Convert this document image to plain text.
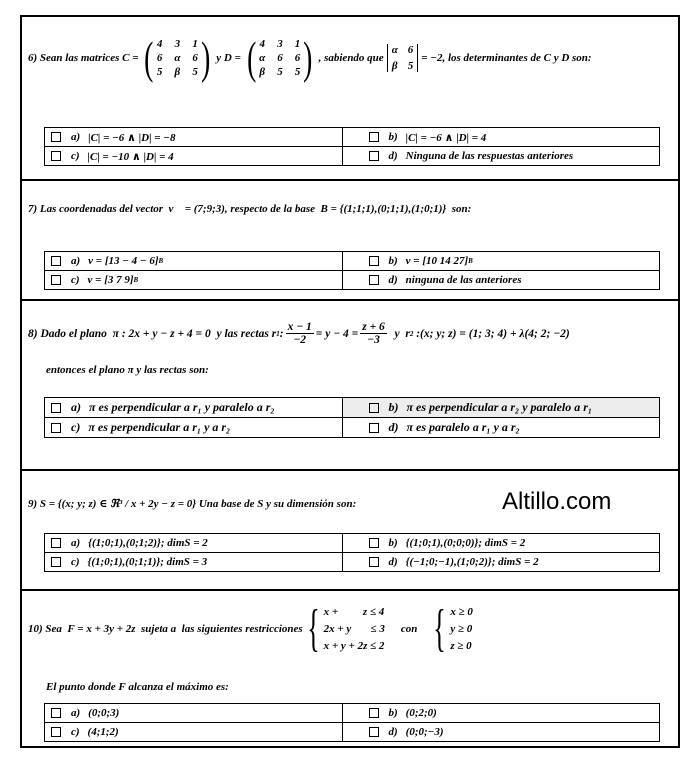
6)
Sean las matrices
C = ( 4 3 1
6 α 6
5 β 5 ) y
D = ( 4 3 1
α 6 6
β 5 5 ) , sabiendo que
α 6
β 5
= −2,
los determinantes de C y D son:
a) |C| = −6 ∧ |D| = −8	b) |C| = −6 ∧ |D| = 4
c) |C| = −10 ∧ |D| = 4	d) Ninguna de las respuestas anteriores
7)
Las coordenadas del vector  v⃗ = (7;9;3), respecto de la base  B = {(1;1;1),(0;1;1),(1;0;1)}  son:
a) v = [13 − 4 − 6] B	b) v = [10 14 27] B
c) v = [3 7 9] B	d) ninguna de las anteriores
8)
Dado el plano  π : 2x + y − z + 4 = 0  y las rectas r 1 : $\frac{x - 1}{-2} = y - 4 = \frac{z + 6}{-3}$ y  r 2 :(x; y; z) = (1; 3; 4) + λ(4; 2; −2)
entonces el plano π y las rectas son:
a) π es perpendicular a r₁ y paralelo a r₂	b) π es perpendicular a r₂ y paralelo a r₁
c) π es perpendicular a r₁ y a r₂	d) π es paralelo a r₁ y a r₂
9)
S = {(x; y; z) ∈ ℜ³ / x + 2y − z = 0} Una base de S y su dimensión son:
a) {(1;0;1),(0;1;2)}; dimS = 2	b) {(1;0;1),(0;0;0)}; dimS = 2
c) {(1;0;1),(0;1;1)}; dimS = 3	d) {(−1;0;−1),(1;0;2)}; dimS = 2
10)
Sea  F = x + 3y + 2z  sujeta a  las siguientes restricciones { x +         z ≤ 4
2x + y       ≤ 3
x + y + 2z ≤ 2
con { x ≥ 0
y ≥ 0
z ≥ 0
El punto donde F alcanza el máximo es:
a) (0;0;3)	b) (0;2;0)
c) (4;1;2)	d) (0;0;−3)
Altillo.com
